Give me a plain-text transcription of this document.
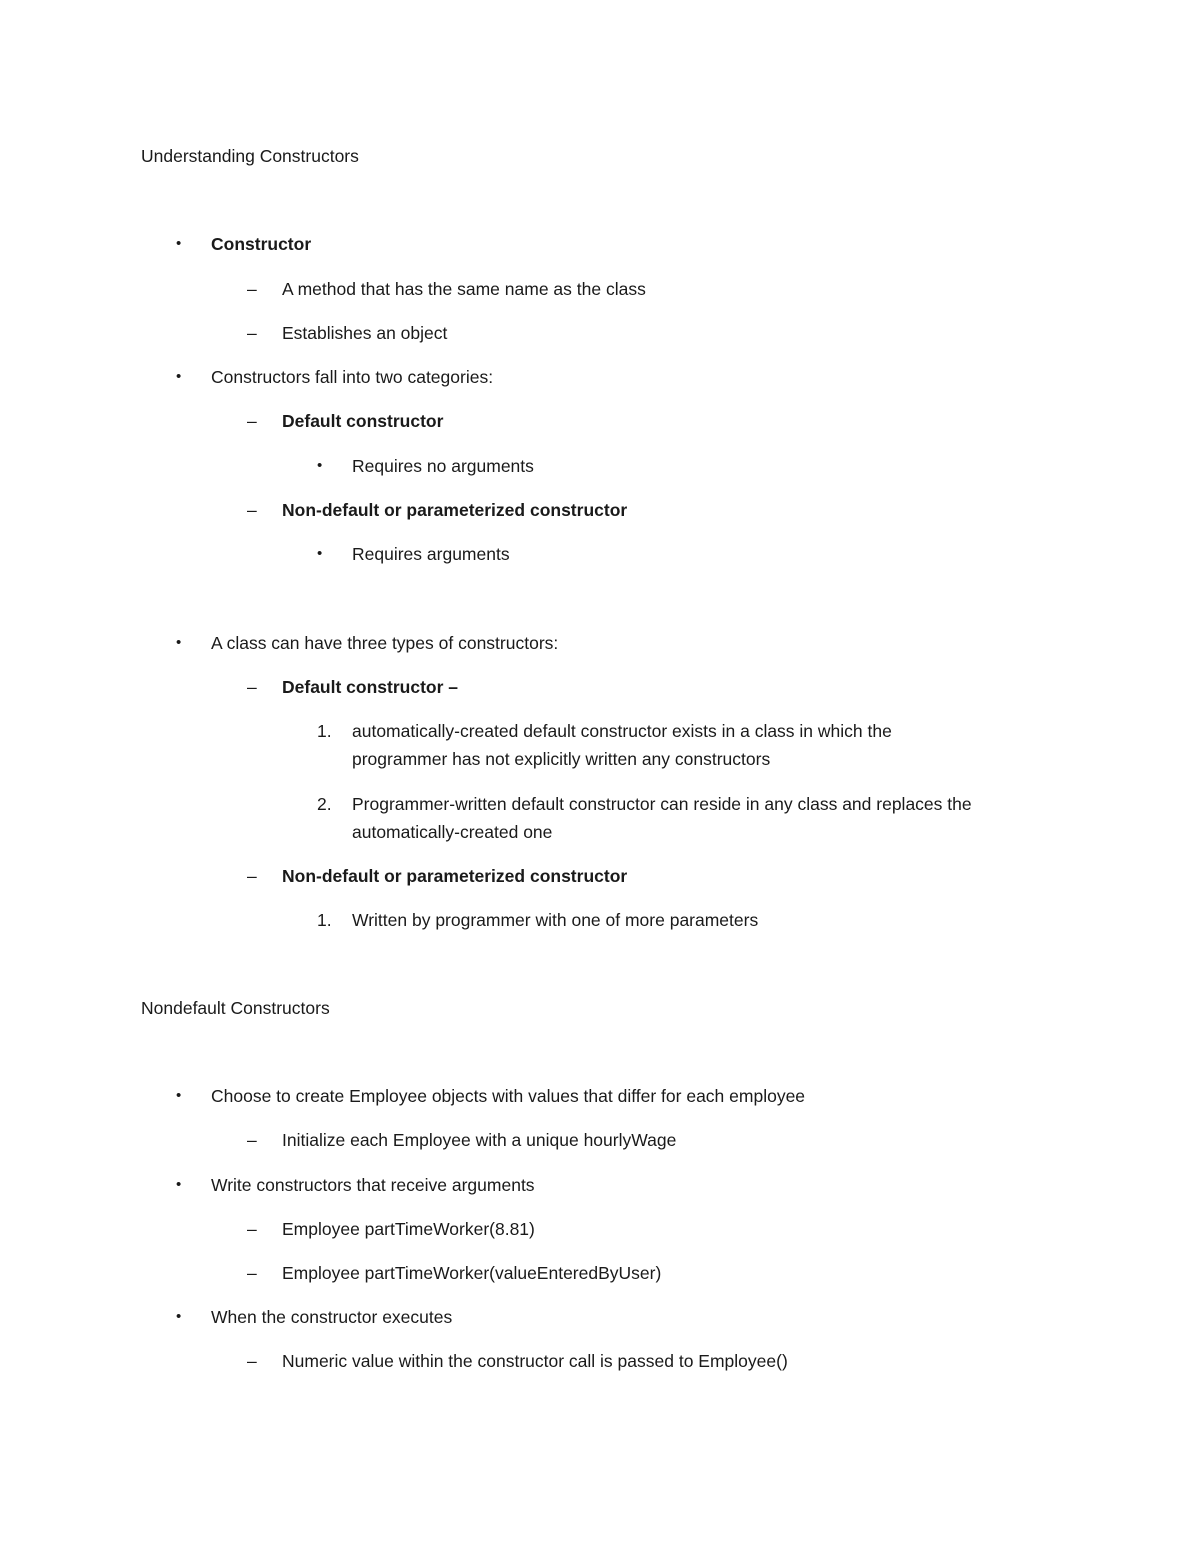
Understanding Constructors
• Constructor
– A method that has the same name as the class
– Establishes an object
• Constructors fall into two categories:
– Default constructor
• Requires no arguments
– Non-default or parameterized constructor
• Requires arguments
• A class can have three types of constructors:
– Default constructor –
1. automatically-created default constructor exists in a class in which the
programmer has not explicitly written any constructors
2. Programmer-written default constructor can reside in any class and replaces the
automatically-created one
– Non-default or parameterized constructor
1. Written by programmer with one of more parameters
Nondefault Constructors
• Choose to create Employee objects with values that differ for each employee
– Initialize each Employee with a unique hourlyWage
• Write constructors that receive arguments
– Employee partTimeWorker(8.81)
– Employee partTimeWorker(valueEnteredByUser)
• When the constructor executes
– Numeric value within the constructor call is passed to Employee()
